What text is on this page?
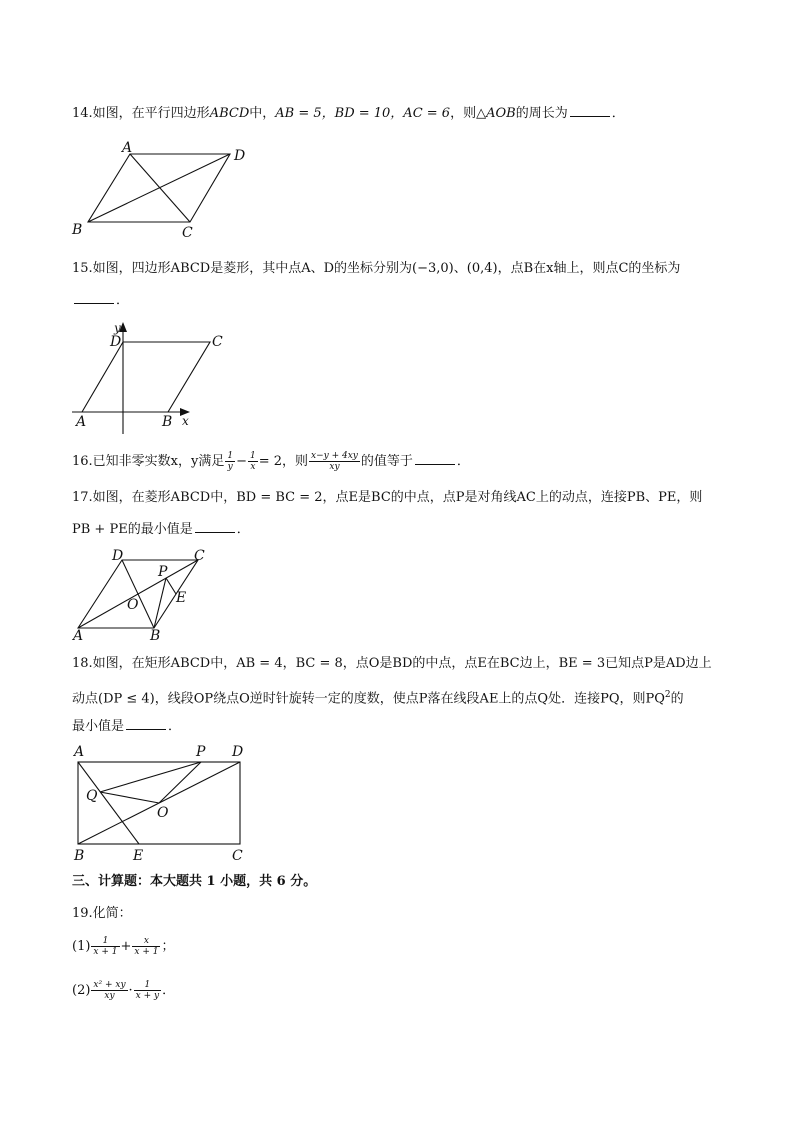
14.如图，在平行四边形ABCD中，AB = 5，BD = 10，AC = 6，则△AOB的周长为	．
A	D
B	C
15.如图，四边形ABCD是菱形，其中点A、D的坐标分别为(−3,0)、(0,4)，点B在x轴上，则点C的坐标为
．
y
D	C
A	B x
16.已知非零实数x，y满足 $\frac{1}{y} - \frac{1}{x} = 2$，则 $\frac{x-y + 4xy}{xy}$ 的值等于	．
17.如图，在菱形ABCD中，BD = BC = 2，点E是BC的中点，点P是对角线AC上的动点，连接PB、PE，则
PB + PE的最小值是	．
D	C
P
E
O
A	B
18.如图，在矩形ABCD中，AB = 4，BC = 8，点O是BD的中点，点E在BC边上，BE = 3已知点P是AD边上
动点(DP ≤ 4)，线段OP绕点O逆时针旋转一定的度数，使点P落在线段AE上的点Q处．连接PQ，则$PQ^2$的
最小值是	．
A	P D
Q
O
B	E	C
三、计算题：本大题共 1 小题，共 6 分。
19.化简：
$(1) \frac{1}{x + 1} + \frac{x}{x + 1}$ ；
$(2) \frac{\text{x² + xy}}{xy} \cdot \frac{1}{x + y}$ ．
